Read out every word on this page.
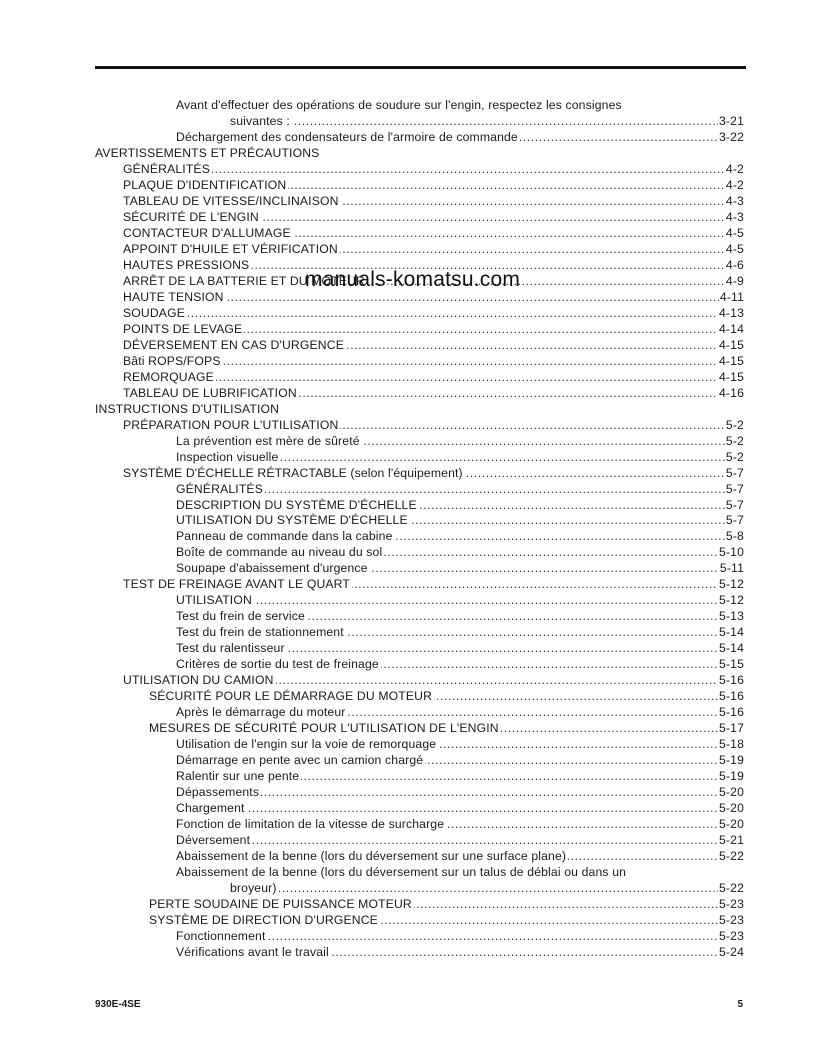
Avant d'effectuer des opérations de soudure sur l'engin, respectez les consignes
.....
suivantes :	3-21
.....
Déchargement des condensateurs de l'armoire de commande	3-22
AVERTISSEMENTS ET PRÉCAUTIONS
.....
GÉNÉRALITÉS	4-2
.....
PLAQUE D'IDENTIFICATION	4-2
.....
TABLEAU DE VITESSE/INCLINAISON	4-3
.....
SÉCURITÉ DE L'ENGIN	4-3
.....
CONTACTEUR D'ALLUMAGE	4-5
.....
APPOINT D'HUILE ET VÉRIFICATION	4-5
.....
HAUTES PRESSIONS	4-6
.....
ARRÊT DE LA BATTERIE ET DU MOTEUR	4-9
.....
HAUTE TENSION	4-11
.....
SOUDAGE	4-13
.....
POINTS DE LEVAGE	4-14
.....
DÉVERSEMENT EN CAS D'URGENCE	4-15
.....
Bâti ROPS/FOPS	4-15
.....
REMORQUAGE	4-15
.....
TABLEAU DE LUBRIFICATION	4-16
INSTRUCTIONS D'UTILISATION
.....
PRÉPARATION POUR L'UTILISATION	5-2
.....
La prévention est mère de sûreté	5-2
.....
Inspection visuelle	5-2
.....
SYSTÈME D'ÉCHELLE RÉTRACTABLE (selon l'équipement)	5-7
.....
GÉNÉRALITÉS	5-7
.....
DESCRIPTION DU SYSTÈME D'ÉCHELLE	5-7
.....
UTILISATION DU SYSTÈME D'ÉCHELLE	5-7
.....
Panneau de commande dans la cabine	5-8
.....
Boîte de commande au niveau du sol	5-10
.....
Soupape d'abaissement d'urgence	5-11
.....
TEST DE FREINAGE AVANT LE QUART	5-12
.....
UTILISATION	5-12
.....
Test du frein de service	5-13
.....
Test du frein de stationnement	5-14
.....
Test du ralentisseur	5-14
.....
Critères de sortie du test de freinage	5-15
.....
UTILISATION DU CAMION	5-16
.....
SÉCURITÉ POUR LE DÉMARRAGE DU MOTEUR	5-16
.....
Après le démarrage du moteur	5-16
.....
MESURES DE SÉCURITÉ POUR L'UTILISATION DE L'ENGIN	5-17
.....
Utilisation de l'engin sur la voie de remorquage	5-18
.....
Démarrage en pente avec un camion chargé	5-19
.....
Ralentir sur une pente	5-19
.....
Dépassements	5-20
.....
Chargement	5-20
.....
Fonction de limitation de la vitesse de surcharge	5-20
.....
Déversement	5-21
.....
Abaissement de la benne (lors du déversement sur une surface plane)	5-22
Abaissement de la benne (lors du déversement sur un talus de déblai ou dans un
.....
broyeur)	5-22
.....
PERTE SOUDAINE DE PUISSANCE MOTEUR	5-23
.....
SYSTÈME DE DIRECTION D'URGENCE	5-23
.....
Fonctionnement	5-23
.....
Vérifications avant le travail	5-24
manuals-komatsu.com
930E-4SE	5
